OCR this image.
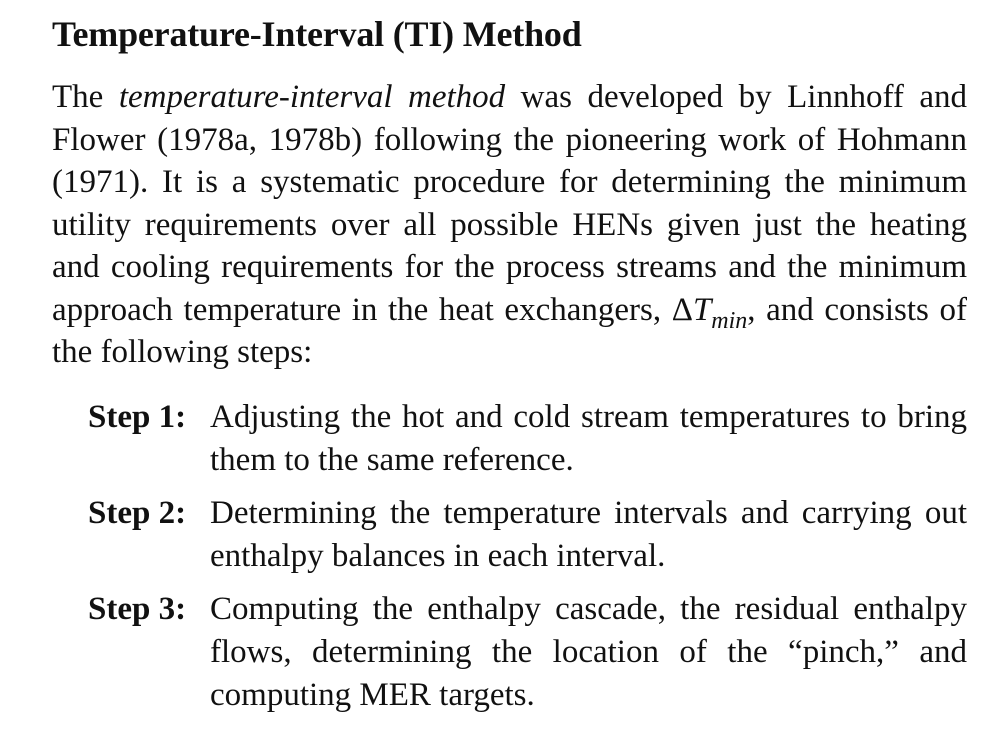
Temperature-Interval (TI) Method

The temperature-interval method was developed by Linnhoff and Flower (1978a, 1978b) following the pioneering work of Hohmann (1971). It is a systematic procedure for determining the minimum utility requirements over all possible HENs given just the heating and cooling requirements for the process streams and the minimum approach temperature in the heat exchangers, $\Delta T_{min}$, and consists of the following steps:

Step 1: Adjusting the hot and cold stream temperatures to bring them to the same reference.
Step 2: Determining the temperature intervals and carrying out enthalpy balances in each interval.
Step 3: Computing the enthalpy cascade, the residual enthalpy flows, determining the location of the “pinch,” and computing MER targets.
